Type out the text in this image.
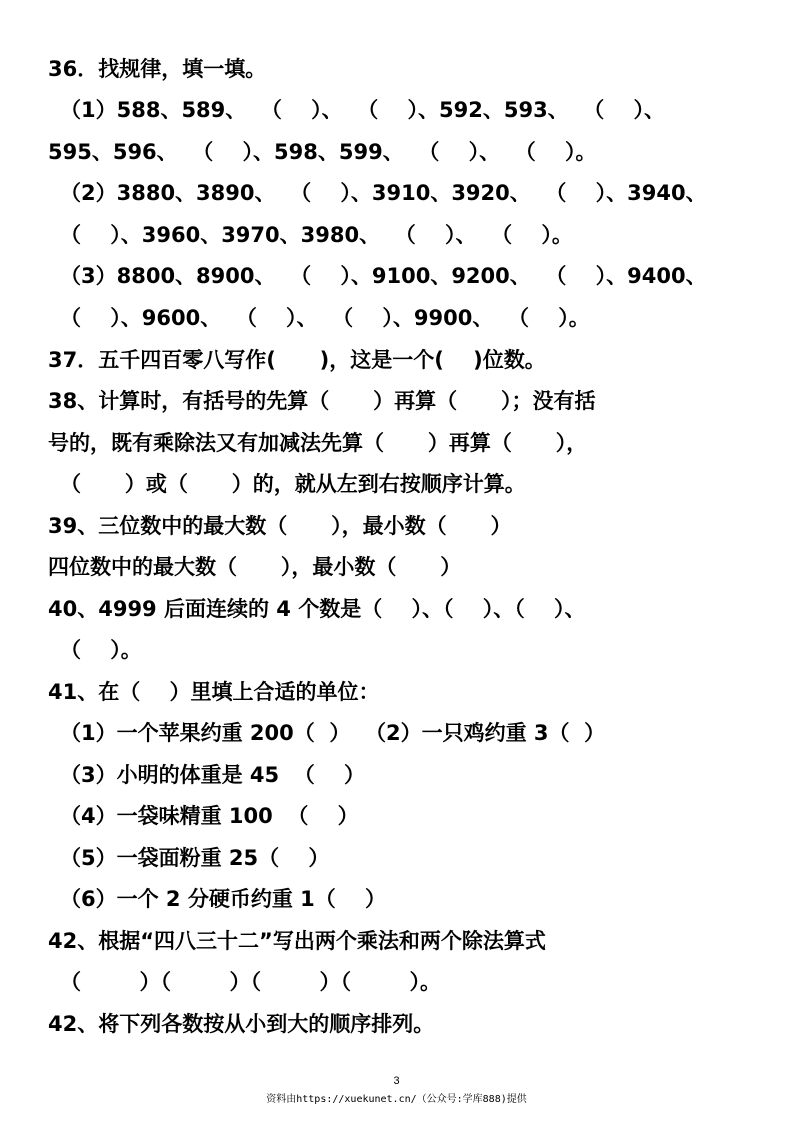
36．找规律，填一填。
（1）588、589、  （    ）、  （    ）、592、593、  （    ）、
595、596、  （    ）、598、599、  （    ）、  （    ）。
（2）3880、3890、  （    ）、3910、3920、  （    ）、3940、
（    ）、3960、3970、3980、  （    ）、  （    ）。
（3）8800、8900、  （    ）、9100、9200、  （    ）、9400、
（    ）、9600、  （    ）、  （    ）、9900、  （    ）。
37．五千四百零八写作(      )，这是一个(    )位数。
38、计算时，有括号的先算（      ）再算（      ）；没有括
号的，既有乘除法又有加减法先算（      ）再算（      ），
（      ）或（      ）的，就从左到右按顺序计算。
39、三位数中的最大数（      ），最小数（      ）
四位数中的最大数（      ），最小数（      ）
40、4999 后面连续的 4 个数是（    ）、（    ）、（    ）、
（    ）。
41、在（    ）里填上合适的单位：
（1）一个苹果约重 200（  ）  （2）一只鸡约重 3（  ）
（3）小明的体重是 45  （    ）
（4）一袋味精重 100  （    ）
（5）一袋面粉重 25（    ）
（6）一个 2 分硬币约重 1（    ）
42、根据“四八三十二”写出两个乘法和两个除法算式
（        ）（        ）（        ）（        ）。
42、将下列各数按从小到大的顺序排列。
3
资料由https://xuekunet.cn/（公众号:学库888)提供
